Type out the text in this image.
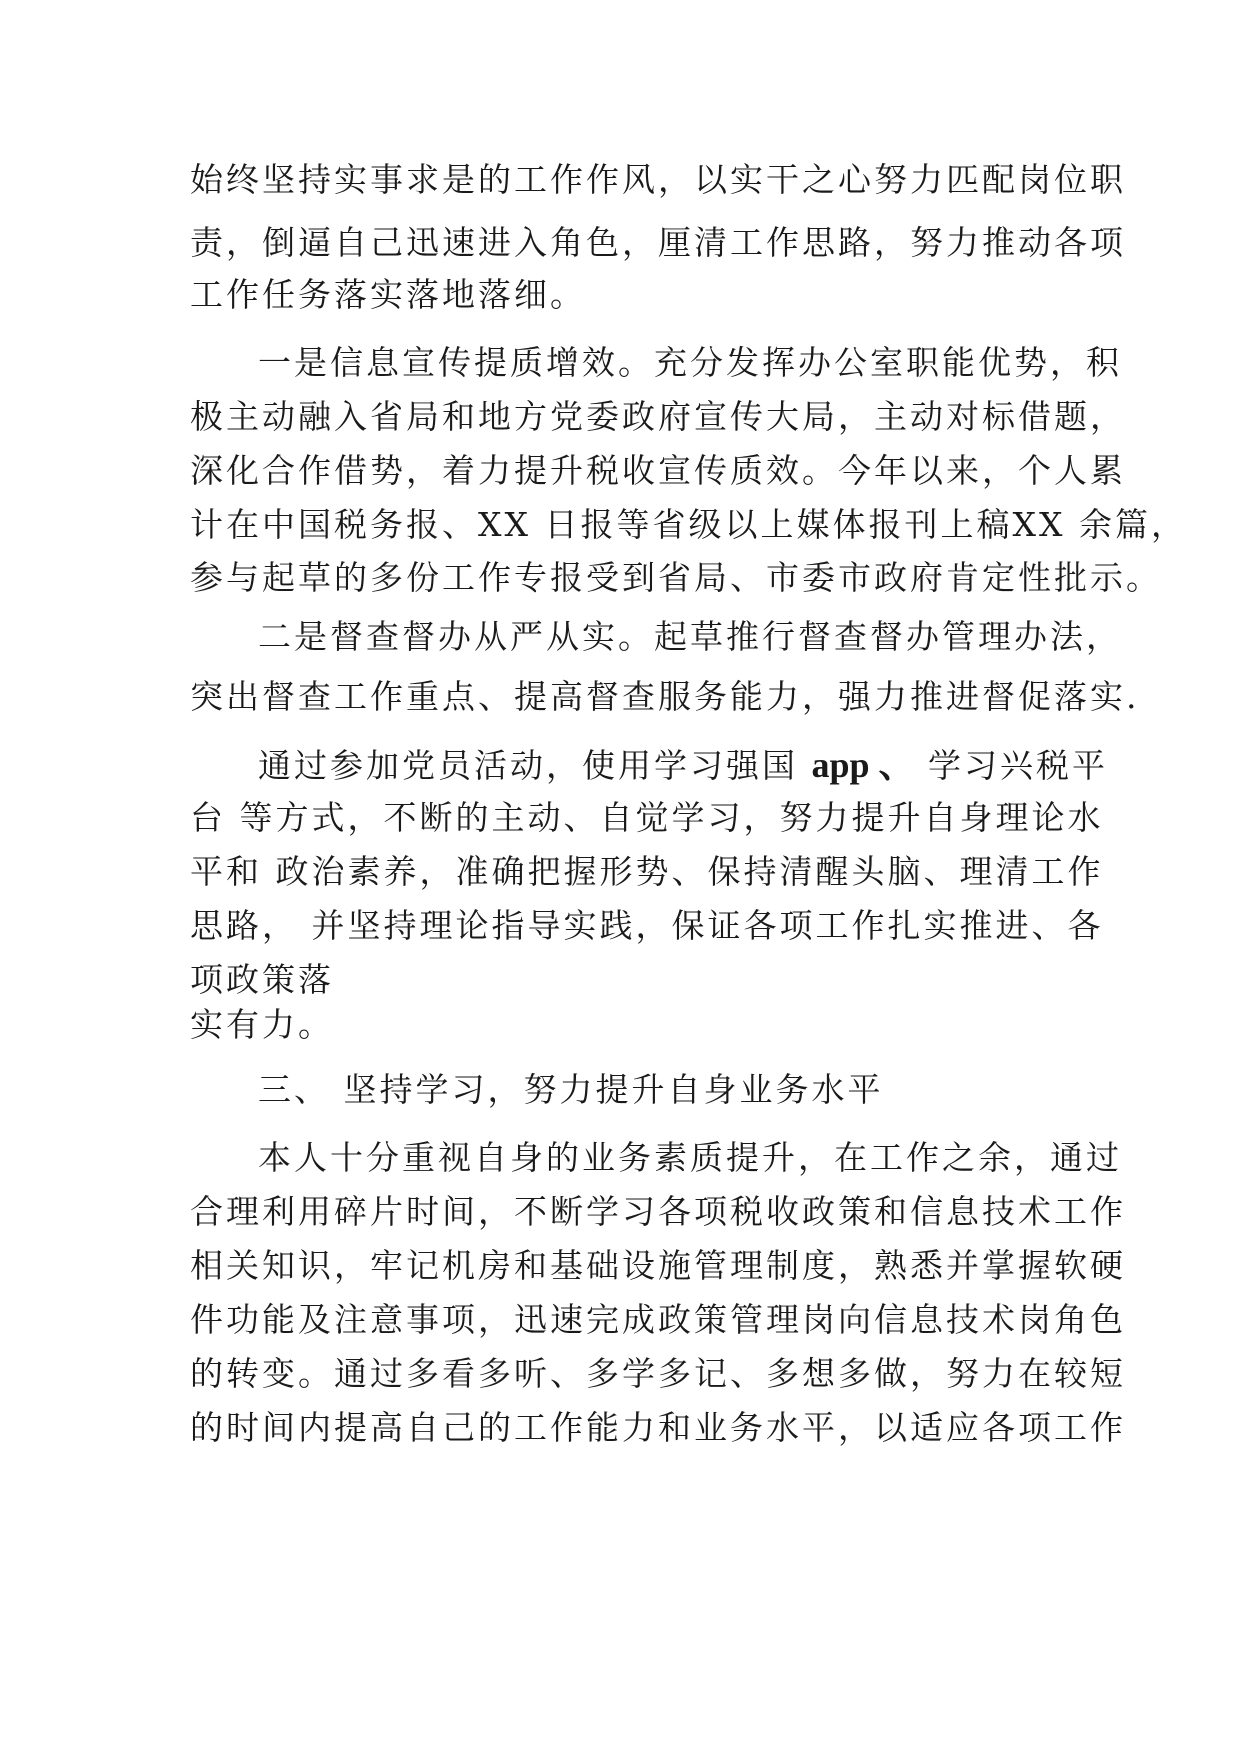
始终坚持实事求是的工作作风，以实干之心努力匹配岗位职
责，倒逼自己迅速进入角色，厘清工作思路，努力推动各项
工作任务落实落地落细。
一是信息宣传提质增效。充分发挥办公室职能优势，积
极主动融入省局和地方党委政府宣传大局，主动对标借题，
深化合作借势，着力提升税收宣传质效。今年以来，个人累
计在中国税务报、XX 日报等省级以上媒体报刊上稿XX 余篇，
参与起草的多份工作专报受到省局、市委市政府肯定性批示。
二是督查督办从严从实。起草推行督查督办管理办法，
突出督查工作重点、提高督查服务能力，强力推进督促落实.
通过参加党员活动，使用学习强国 app 、 学习兴税平
台 等方式，不断的主动、自觉学习，努力提升自身理论水
平和 政治素养，准确把握形势、保持清醒头脑、理清工作
思路， 并坚持理论指导实践，保证各项工作扎实推进、各
项政策落
实有力。
三、 坚持学习，努力提升自身业务水平
本人十分重视自身的业务素质提升，在工作之余，通过
合理利用碎片时间，不断学习各项税收政策和信息技术工作
相关知识，牢记机房和基础设施管理制度，熟悉并掌握软硬
件功能及注意事项，迅速完成政策管理岗向信息技术岗角色
的转变。通过多看多听、多学多记、多想多做，努力在较短
的时间内提高自己的工作能力和业务水平，以适应各项工作
